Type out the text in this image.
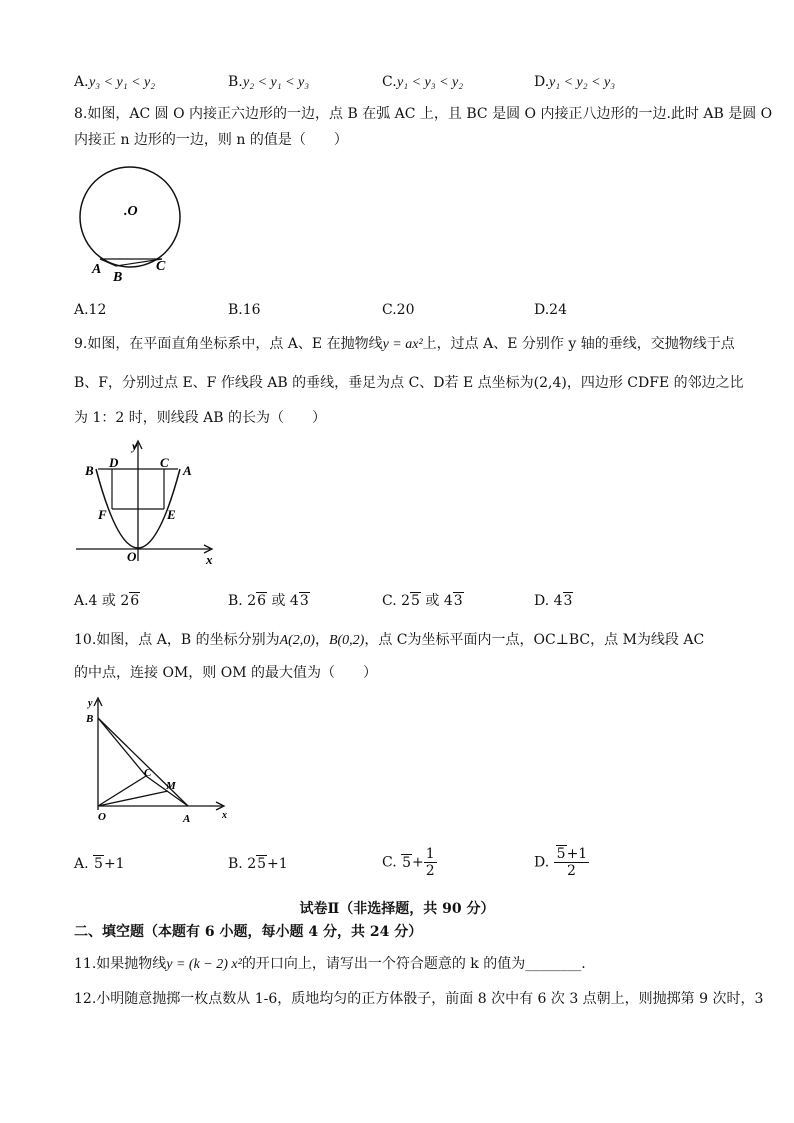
A. y₃ < y₁ < y₂	B. y₂ < y₁ < y₃	C. y₁ < y₃ < y₂	D. y₁ < y₂ < y₃
8.如图，AC 圆 O 内接正六边形的一边，点 B 在弧 AC 上，且 BC 是圆 O 内接正八边形的一边.此时 AB 是圆 O
内接正 n 边形的一边，则 n 的值是（　　）
.O
A
B
C
A.12	B.16	C.20	D.24
9.如图，在平面直角坐标系中，点 A、E 在抛物线y = ax²上，过点 A、E 分别作 y 轴的垂线，交抛物线于点
B、F，分别过点 E、F 作线段 AB 的垂线，垂足为点 C、D若 E 点坐标为(2,4)，四边形 CDFE 的邻边之比
为 1：2 时，则线段 AB 的长为（　　）
y
x
O
B
D	C
A
F	E
A.4 或 26	B. 26 或 43	C. 25 或 43	D. 43
10.如图，点 A，B 的坐标分别为A(2,0)，B(0,2)，点 C为坐标平面内一点，OC⊥BC，点 M为线段 AC
的中点，连接 OM，则 OM 的最大值为（　　）
y
x
O
B
C
M
A
A. 5+1	B. 25+1	C. $5+ \frac{1}{2}$	D. $\frac{5+1}{2}$
试卷Ⅱ（非选择题，共 90 分）
二、填空题（本题有 6 小题，每小题 4 分，共 24 分）
11.如果抛物线y = (k − 2) x²的开口向上，请写出一个符合题意的 k 的值为________.
12.小明随意抛掷一枚点数从 1-6，质地均匀的正方体骰子，前面 8 次中有 6 次 3 点朝上，则抛掷第 9 次时，3
